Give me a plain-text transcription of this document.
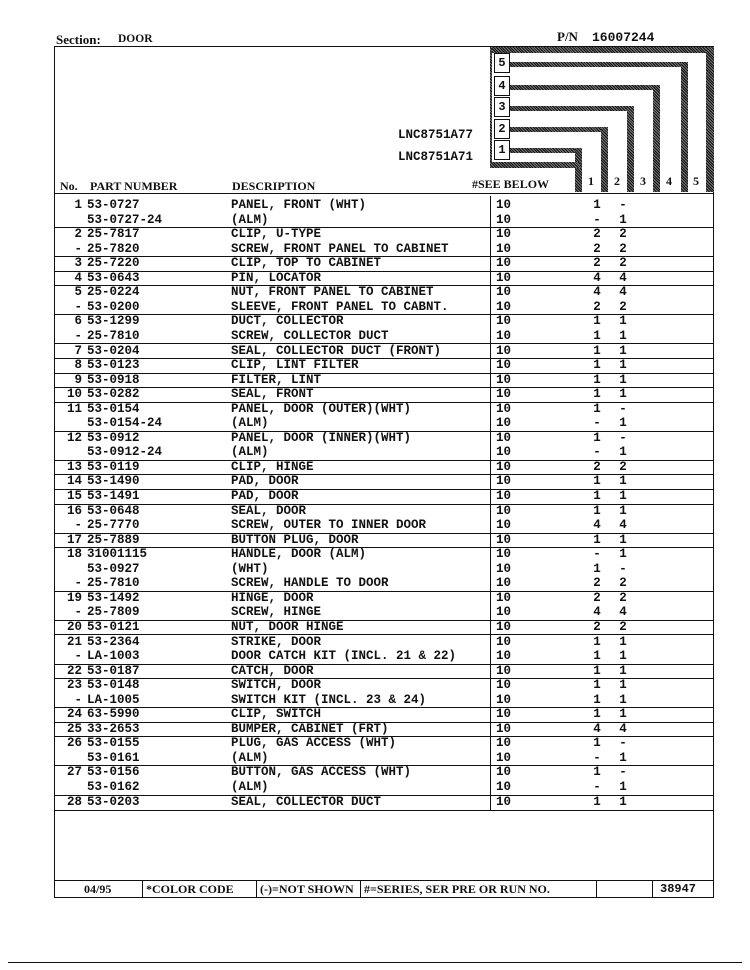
Section: DOOR	P/N 16007244
LNC8751A77
LNC8751A71
5
4
3
2
1
No. PART NUMBER	DESCRIPTION	#SEE BELOW	1 2 3 4 5
1 53-0727	PANEL, FRONT (WHT)	10	1 -
53-0727-24	(ALM)	10	- 1
2 25-7817	CLIP, U-TYPE	10	2 2
- 25-7820	SCREW, FRONT PANEL TO CABINET	10	2 2
3 25-7220	CLIP, TOP TO CABINET	10	2 2
4 53-0643	PIN, LOCATOR	10	4 4
5 25-0224	NUT, FRONT PANEL TO CABINET	10	4 4
- 53-0200	SLEEVE, FRONT PANEL TO CABNT.	10	2 2
6 53-1299	DUCT, COLLECTOR	10	1 1
- 25-7810	SCREW, COLLECTOR DUCT	10	1 1
7 53-0204	SEAL, COLLECTOR DUCT (FRONT)	10	1 1
8 53-0123	CLIP, LINT FILTER	10	1 1
9 53-0918	FILTER, LINT	10	1 1
10 53-0282	SEAL, FRONT	10	1 1
11 53-0154	PANEL, DOOR (OUTER)(WHT)	10	1 -
53-0154-24	(ALM)	10	- 1
12 53-0912	PANEL, DOOR (INNER)(WHT)	10	1 -
53-0912-24	(ALM)	10	- 1
13 53-0119	CLIP, HINGE	10	2 2
14 53-1490	PAD, DOOR	10	1 1
15 53-1491	PAD, DOOR	10	1 1
16 53-0648	SEAL, DOOR	10	1 1
- 25-7770	SCREW, OUTER TO INNER DOOR	10	4 4
17 25-7889	BUTTON PLUG, DOOR	10	1 1
18 31001115	HANDLE, DOOR (ALM)	10	- 1
53-0927	(WHT)	10	1 -
- 25-7810	SCREW, HANDLE TO DOOR	10	2 2
19 53-1492	HINGE, DOOR	10	2 2
- 25-7809	SCREW, HINGE	10	4 4
20 53-0121	NUT, DOOR HINGE	10	2 2
21 53-2364	STRIKE, DOOR	10	1 1
- LA-1003	DOOR CATCH KIT (INCL. 21 & 22)	10	1 1
22 53-0187	CATCH, DOOR	10	1 1
23 53-0148	SWITCH, DOOR	10	1 1
- LA-1005	SWITCH KIT (INCL. 23 & 24)	10	1 1
24 63-5990	CLIP, SWITCH	10	1 1
25 33-2653	BUMPER, CABINET (FRT)	10	4 4
26 53-0155	PLUG, GAS ACCESS (WHT)	10	1 -
53-0161	(ALM)	10	- 1
27 53-0156	BUTTON, GAS ACCESS (WHT)	10	1 -
53-0162	(ALM)	10	- 1
28 53-0203	SEAL, COLLECTOR DUCT	10	1 1
04/95	*COLOR CODE (-)=NOT SHOWN #=SERIES, SER PRE OR RUN NO.	38947
